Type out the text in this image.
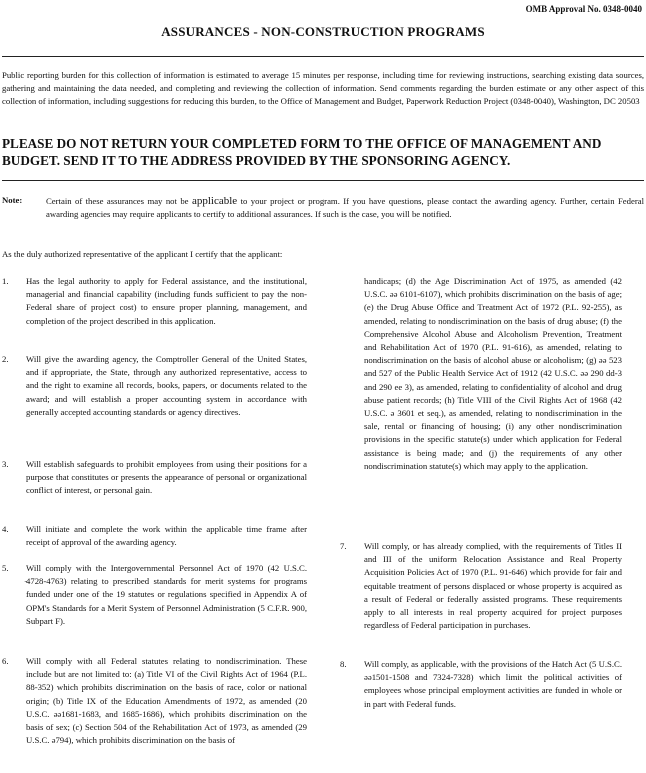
OMB Approval No. 0348-0040
ASSURANCES - NON-CONSTRUCTION PROGRAMS
Public reporting burden for this collection of information is estimated to average 15 minutes per response, including time for reviewing instructions, searching existing data sources, gathering and maintaining the data needed, and completing and reviewing the collection of information. Send comments regarding the burden estimate or any other aspect of this collection of information, including suggestions for reducing this burden, to the Office of Management and Budget, Paperwork Reduction Project (0348-0040), Washington, DC 20503
PLEASE DO NOT RETURN YOUR COMPLETED FORM TO THE OFFICE OF MANAGEMENT AND BUDGET. SEND IT TO THE ADDRESS PROVIDED BY THE SPONSORING AGENCY.
Note:	Certain of these assurances may not be applicable to your project or program. If you have questions, please contact the awarding agency. Further, certain Federal awarding agencies may require applicants to certify to additional assurances. If such is the case, you will be notified.
As the duly authorized representative of the applicant I certify that the applicant:
1. Has the legal authority to apply for Federal assistance, and the institutional, managerial and financial capability (including funds sufficient to pay the non-Federal share of project cost) to ensure proper planning, management, and completion of the project described in this application.
2. Will give the awarding agency, the Comptroller General of the United States, and if appropriate, the State, through any authorized representative, access to and the right to examine all records, books, papers, or documents related to the award; and will establish a proper accounting system in accordance with generally accepted accounting standards or agency directives.
3. Will establish safeguards to prohibit employees from using their positions for a purpose that constitutes or presents the appearance of personal or organizational conflict of interest, or personal gain.
4. Will initiate and complete the work within the applicable time frame after receipt of approval of the awarding agency.
5. Will comply with the Intergovernmental Personnel Act of 1970 (42 U.S.C. ̵4728-4763) relating to prescribed standards for merit systems for programs funded under one of the 19 statutes or regulations specified in Appendix A of OPM's Standards for a Merit System of Personnel Administration (5 C.F.R. 900, Subpart F).
6. Will comply with all Federal statutes relating to nondiscrimination. These include but are not limited to: (a) Title VI of the Civil Rights Act of 1964 (P.L. 88-352) which prohibits discrimination on the basis of race, color or national origin; (b) Title IX of the Education Amendments of 1972, as amended (20 U.S.C. əə1681-1683, and 1685-1686), which prohibits discrimination on the basis of sex; (c) Section 504 of the Rehabilitation Act of 1973, as amended (29 U.S.C. ə794), which prohibits discrimination on the basis of
handicaps; (d) the Age Discrimination Act of 1975, as amended (42 U.S.C. əə 6101-6107), which prohibits discrimination on the basis of age; (e) the Drug Abuse Office and Treatment Act of 1972 (P.L. 92-255), as amended, relating to nondiscrimination on the basis of drug abuse; (f) the Comprehensive Alcohol Abuse and Alcoholism Prevention, Treatment and Rehabilitation Act of 1970 (P.L. 91-616), as amended, relating to nondiscrimination on the basis of alcohol abuse or alcoholism; (g) əə 523 and 527 of the Public Health Service Act of 1912 (42 U.S.C. əə 290 dd-3 and 290 ee 3), as amended, relating to confidentiality of alcohol and drug abuse patient records; (h) Title VIII of the Civil Rights Act of 1968 (42 U.S.C. ə 3601 et seq.), as amended, relating to nondiscrimination in the sale, rental or financing of housing; (i) any other nondiscrimination provisions in the specific statute(s) under which application for Federal assistance is being made; and (j) the requirements of any other nondiscrimination statute(s) which may apply to the application.
7. Will comply, or has already complied, with the requirements of Titles II and III of the uniform Relocation Assistance and Real Property Acquisition Policies Act of 1970 (P.L. 91-646) which provide for fair and equitable treatment of persons displaced or whose property is acquired as a result of Federal or federally assisted programs. These requirements apply to all interests in real property acquired for project purposes regardless of Federal participation in purchases.
8. Will comply, as applicable, with the provisions of the Hatch Act (5 U.S.C. əə1501-1508 and 7324-7328) which limit the political activities of employees whose principal employment activities are funded in whole or in part with Federal funds.
